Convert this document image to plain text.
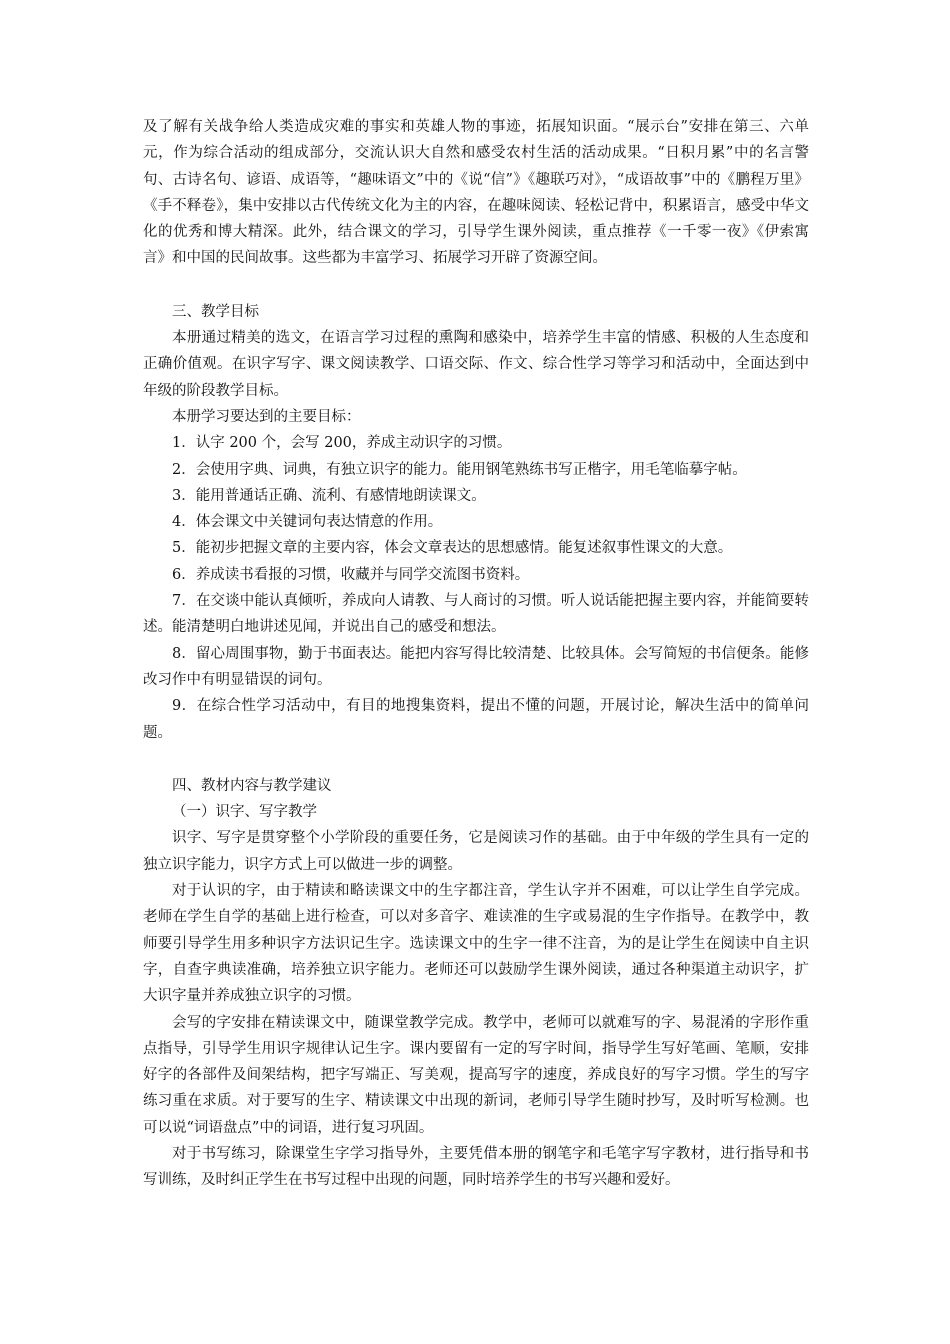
及了解有关战争给人类造成灾难的事实和英雄人物的事迹，拓展知识面。“展示台”安排在第三、六单元，作为综合活动的组成部分，交流认识大自然和感受农村生活的活动成果。“日积月累”中的名言警句、古诗名句、谚语、成语等，“趣味语文”中的《说“信”》《趣联巧对》，“成语故事”中的《鹏程万里》《手不释卷》，集中安排以古代传统文化为主的内容，在趣味阅读、轻松记背中，积累语言，感受中华文化的优秀和博大精深。此外，结合课文的学习，引导学生课外阅读，重点推荐《一千零一夜》《伊索寓言》和中国的民间故事。这些都为丰富学习、拓展学习开辟了资源空间。

三、教学目标

本册通过精美的选文，在语言学习过程的熏陶和感染中，培养学生丰富的情感、积极的人生态度和正确价值观。在识字写字、课文阅读教学、口语交际、作文、综合性学习等学习和活动中，全面达到中年级的阶段教学目标。

本册学习要达到的主要目标：

1．认字 200 个，会写 200，养成主动识字的习惯。

2．会使用字典、词典，有独立识字的能力。能用钢笔熟练书写正楷字，用毛笔临摹字帖。

3．能用普通话正确、流利、有感情地朗读课文。

4．体会课文中关键词句表达情意的作用。

5．能初步把握文章的主要内容，体会文章表达的思想感情。能复述叙事性课文的大意。

6．养成读书看报的习惯，收藏并与同学交流图书资料。

7．在交谈中能认真倾听，养成向人请教、与人商讨的习惯。听人说话能把握主要内容，并能简要转述。能清楚明白地讲述见闻，并说出自己的感受和想法。

8．留心周围事物，勤于书面表达。能把内容写得比较清楚、比较具体。会写简短的书信便条。能修改习作中有明显错误的词句。

9．在综合性学习活动中，有目的地搜集资料，提出不懂的问题，开展讨论，解决生活中的简单问题。

四、教材内容与教学建议

（一）识字、写字教学

识字、写字是贯穿整个小学阶段的重要任务，它是阅读习作的基础。由于中年级的学生具有一定的独立识字能力，识字方式上可以做进一步的调整。

对于认识的字，由于精读和略读课文中的生字都注音，学生认字并不困难，可以让学生自学完成。老师在学生自学的基础上进行检查，可以对多音字、难读准的生字或易混的生字作指导。在教学中，教师要引导学生用多种识字方法识记生字。选读课文中的生字一律不注音，为的是让学生在阅读中自主识字，自查字典读准确，培养独立识字能力。老师还可以鼓励学生课外阅读，通过各种渠道主动识字，扩大识字量并养成独立识字的习惯。

会写的字安排在精读课文中，随课堂教学完成。教学中，老师可以就难写的字、易混淆的字形作重点指导，引导学生用识字规律认记生字。课内要留有一定的写字时间，指导学生写好笔画、笔顺，安排好字的各部件及间架结构，把字写端正、写美观，提高写字的速度，养成良好的写字习惯。学生的写字练习重在求质。对于要写的生字、精读课文中出现的新词，老师引导学生随时抄写，及时听写检测。也可以说“词语盘点”中的词语，进行复习巩固。

对于书写练习，除课堂生字学习指导外，主要凭借本册的钢笔字和毛笔字写字教材，进行指导和书写训练，及时纠正学生在书写过程中出现的问题，同时培养学生的书写兴趣和爱好。
